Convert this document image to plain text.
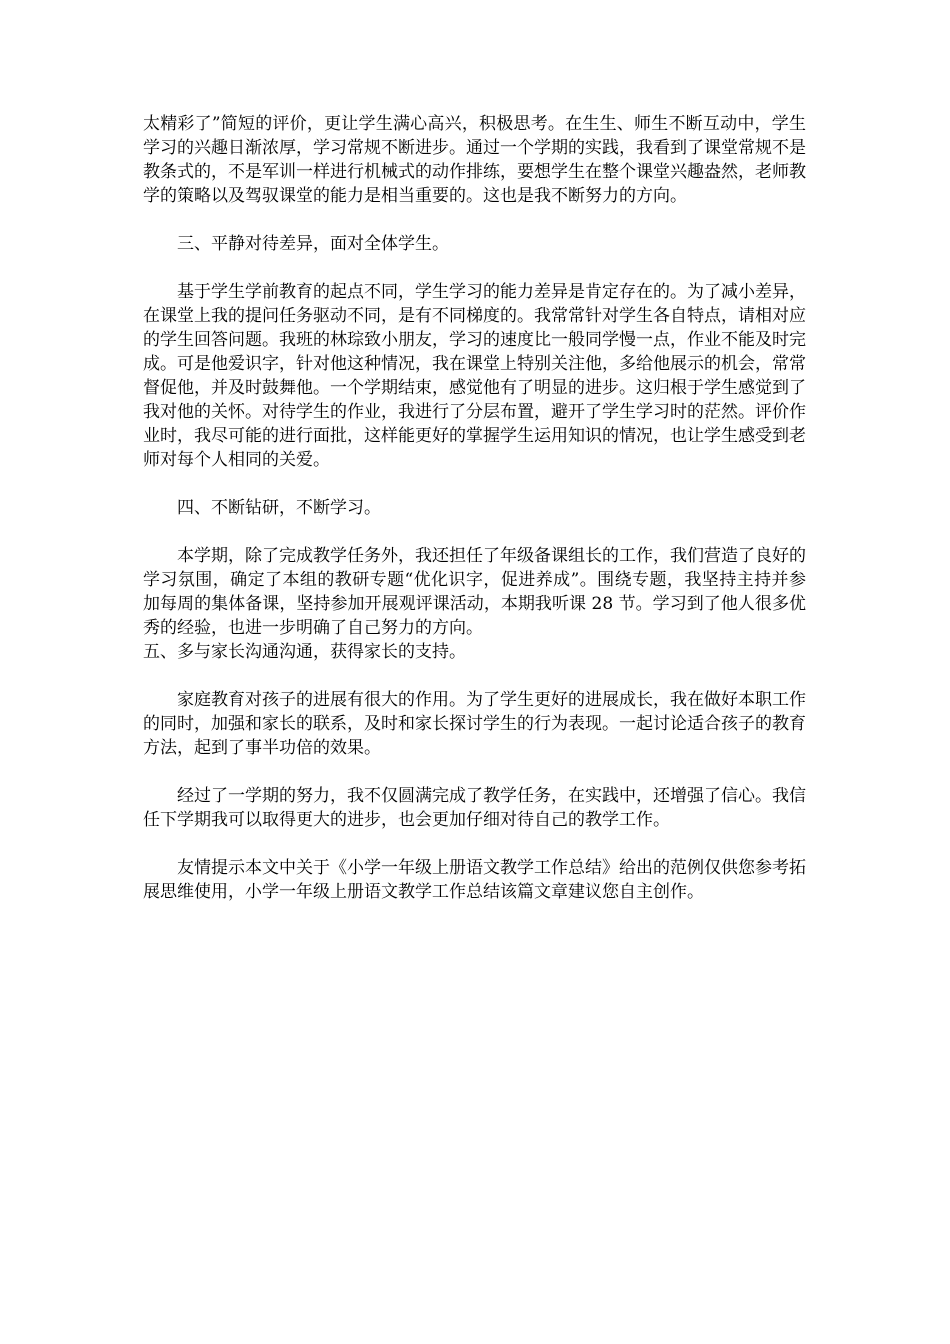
太精彩了”简短的评价，更让学生满心高兴，积极思考。在生生、师生不断互动中，学生学习的兴趣日渐浓厚，学习常规不断进步。通过一个学期的实践，我看到了课堂常规不是教条式的，不是军训一样进行机械式的动作排练，要想学生在整个课堂兴趣盎然，老师教学的策略以及驾驭课堂的能力是相当重要的。这也是我不断努力的方向。

三、平静对待差异，面对全体学生。

基于学生学前教育的起点不同，学生学习的能力差异是肯定存在的。为了减小差异，在课堂上我的提问任务驱动不同，是有不同梯度的。我常常针对学生各自特点，请相对应的学生回答问题。我班的林琮致小朋友，学习的速度比一般同学慢一点，作业不能及时完成。可是他爱识字，针对他这种情况，我在课堂上特别关注他，多给他展示的机会，常常督促他，并及时鼓舞他。一个学期结束，感觉他有了明显的进步。这归根于学生感觉到了我对他的关怀。对待学生的作业，我进行了分层布置，避开了学生学习时的茫然。评价作业时，我尽可能的进行面批，这样能更好的掌握学生运用知识的情况，也让学生感受到老师对每个人相同的关爱。

四、不断钻研，不断学习。

本学期，除了完成教学任务外，我还担任了年级备课组长的工作，我们营造了良好的学习氛围，确定了本组的教研专题“优化识字，促进养成”。围绕专题，我坚持主持并参加每周的集体备课，坚持参加开展观评课活动，本期我听课 28 节。学习到了他人很多优秀的经验，也进一步明确了自己努力的方向。

五、多与家长沟通沟通，获得家长的支持。

家庭教育对孩子的进展有很大的作用。为了学生更好的进展成长，我在做好本职工作的同时，加强和家长的联系，及时和家长探讨学生的行为表现。一起讨论适合孩子的教育方法，起到了事半功倍的效果。

经过了一学期的努力，我不仅圆满完成了教学任务，在实践中，还增强了信心。我信任下学期我可以取得更大的进步，也会更加仔细对待自己的教学工作。

友情提示本文中关于《小学一年级上册语文教学工作总结》给出的范例仅供您参考拓展思维使用，小学一年级上册语文教学工作总结该篇文章建议您自主创作。
